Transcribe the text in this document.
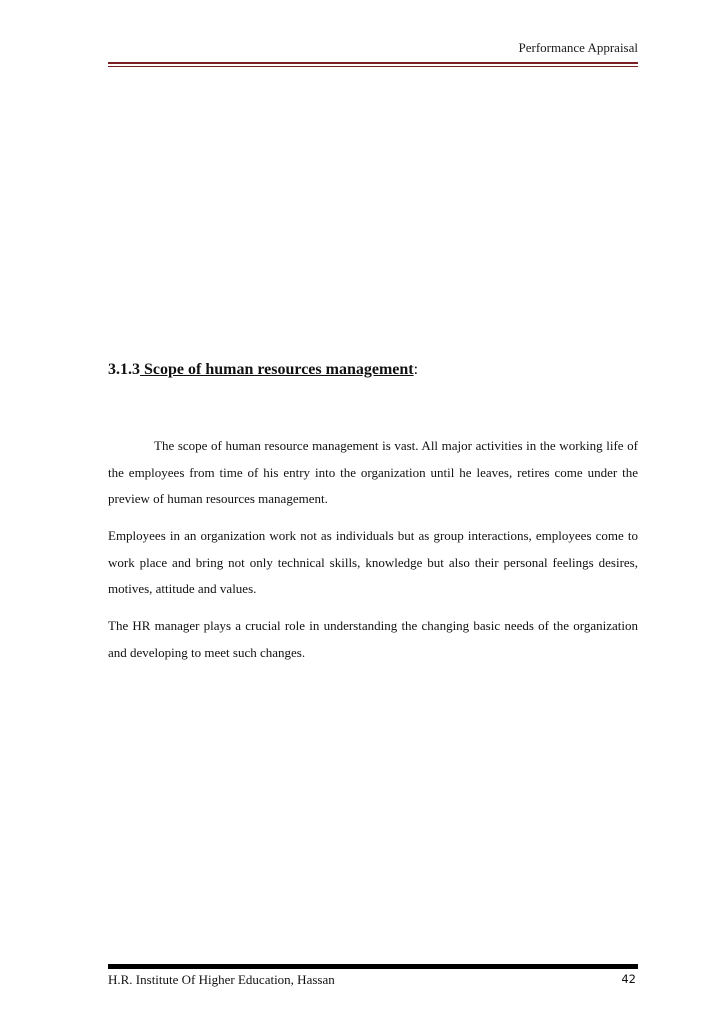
Performance Appraisal
3.1.3 Scope of human resources management:

The scope of human resource management is vast. All major activities in the working life of the employees from time of his entry into the organization until he leaves, retires come under the preview of human resources management.

Employees in an organization work not as individuals but as group interactions, employees come to work place and bring not only technical skills, knowledge but also their personal feelings desires, motives, attitude and values.

The HR manager plays a crucial role in understanding the changing basic needs of the organization and developing to meet such changes.

H.R. Institute Of Higher Education, Hassan	42
